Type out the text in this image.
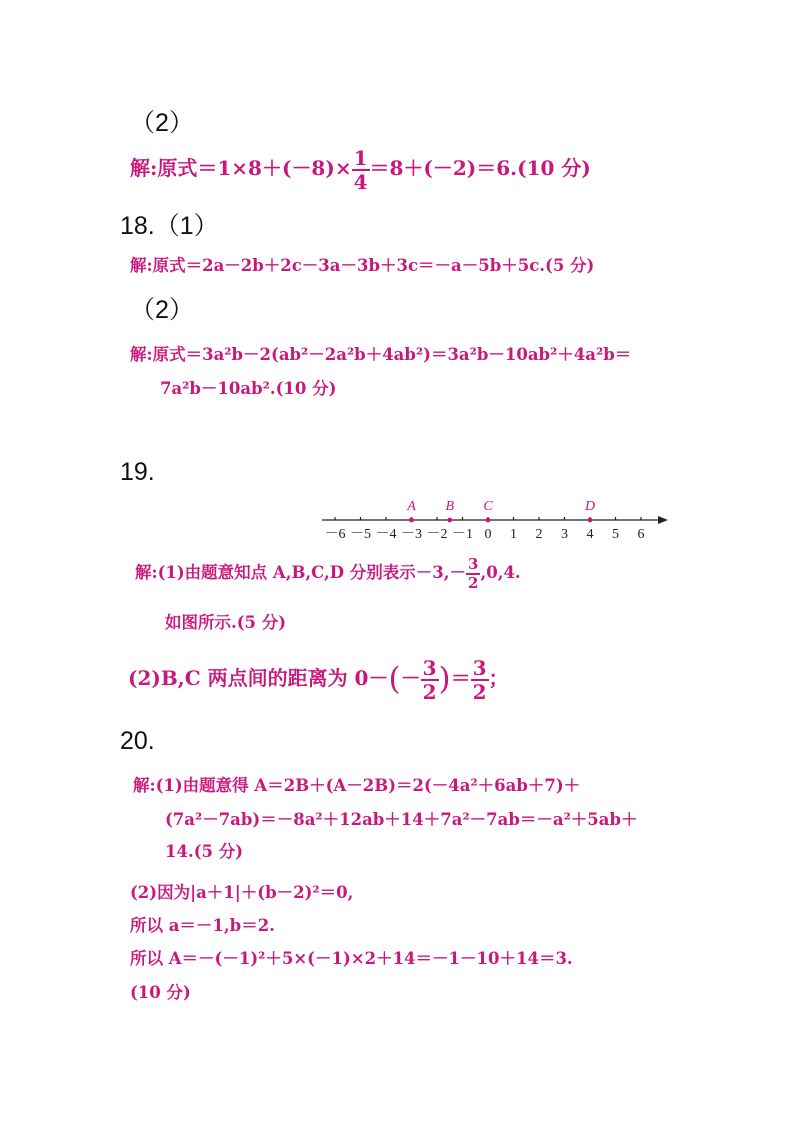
（2）
解:原式$=1\times 8+(-8)\times \frac{1}{4} =8+(-2)=6.(10$ 分)
18.（1）
解:原式＝2a－2b＋2c－3a－3b＋3c＝－a－5b＋5c.(5 分)
（2）
解:原式＝3a²b－2(ab²－2a²b＋4ab²)＝3a²b－10ab²＋4a²b＝
7a²b－10ab².(10 分)
19.
－6 －5 －4 －3 －2 －1 0 1 2 3 4 5 6
A B C	D
解:(1)由题意知点 A,B,C,D 分别表示$-3,- \frac{3}{2} ,0,4$.
如图所示.(5 分)
(2)B,C 两点间的距离为 $0-(- \frac{3}{2}$ )＝ $\frac{3}{2}$ ；
20.
解:(1)由题意得 A＝2B＋(A－2B)＝2(－4a²＋6ab＋7)＋
(7a²－7ab)＝－8a²＋12ab＋14＋7a²－7ab＝－a²＋5ab＋
14.(5 分)
(2)因为|a＋1|＋(b－2)²＝0,
所以 a＝－1,b＝2.
所以 A＝－(－1)²＋5×(－1)×2＋14＝－1－10＋14＝3.
(10 分)
